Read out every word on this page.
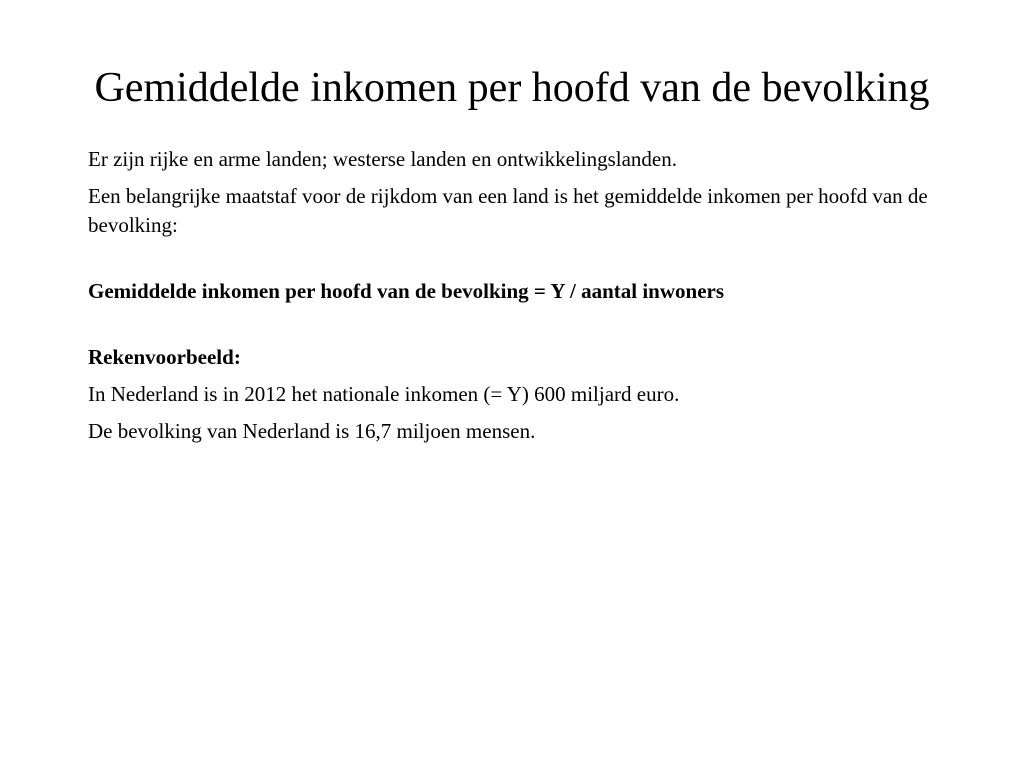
Gemiddelde inkomen per hoofd van de bevolking

Er zijn rijke en arme landen; westerse landen en ontwikkelingslanden.

Een belangrijke maatstaf voor de rijkdom van een land is het gemiddelde inkomen per hoofd van de bevolking:

Gemiddelde inkomen per hoofd van de bevolking = Y / aantal inwoners

Rekenvoorbeeld:

In Nederland is in 2012 het nationale inkomen (= Y) 600 miljard euro.

De bevolking van Nederland is 16,7 miljoen mensen.
